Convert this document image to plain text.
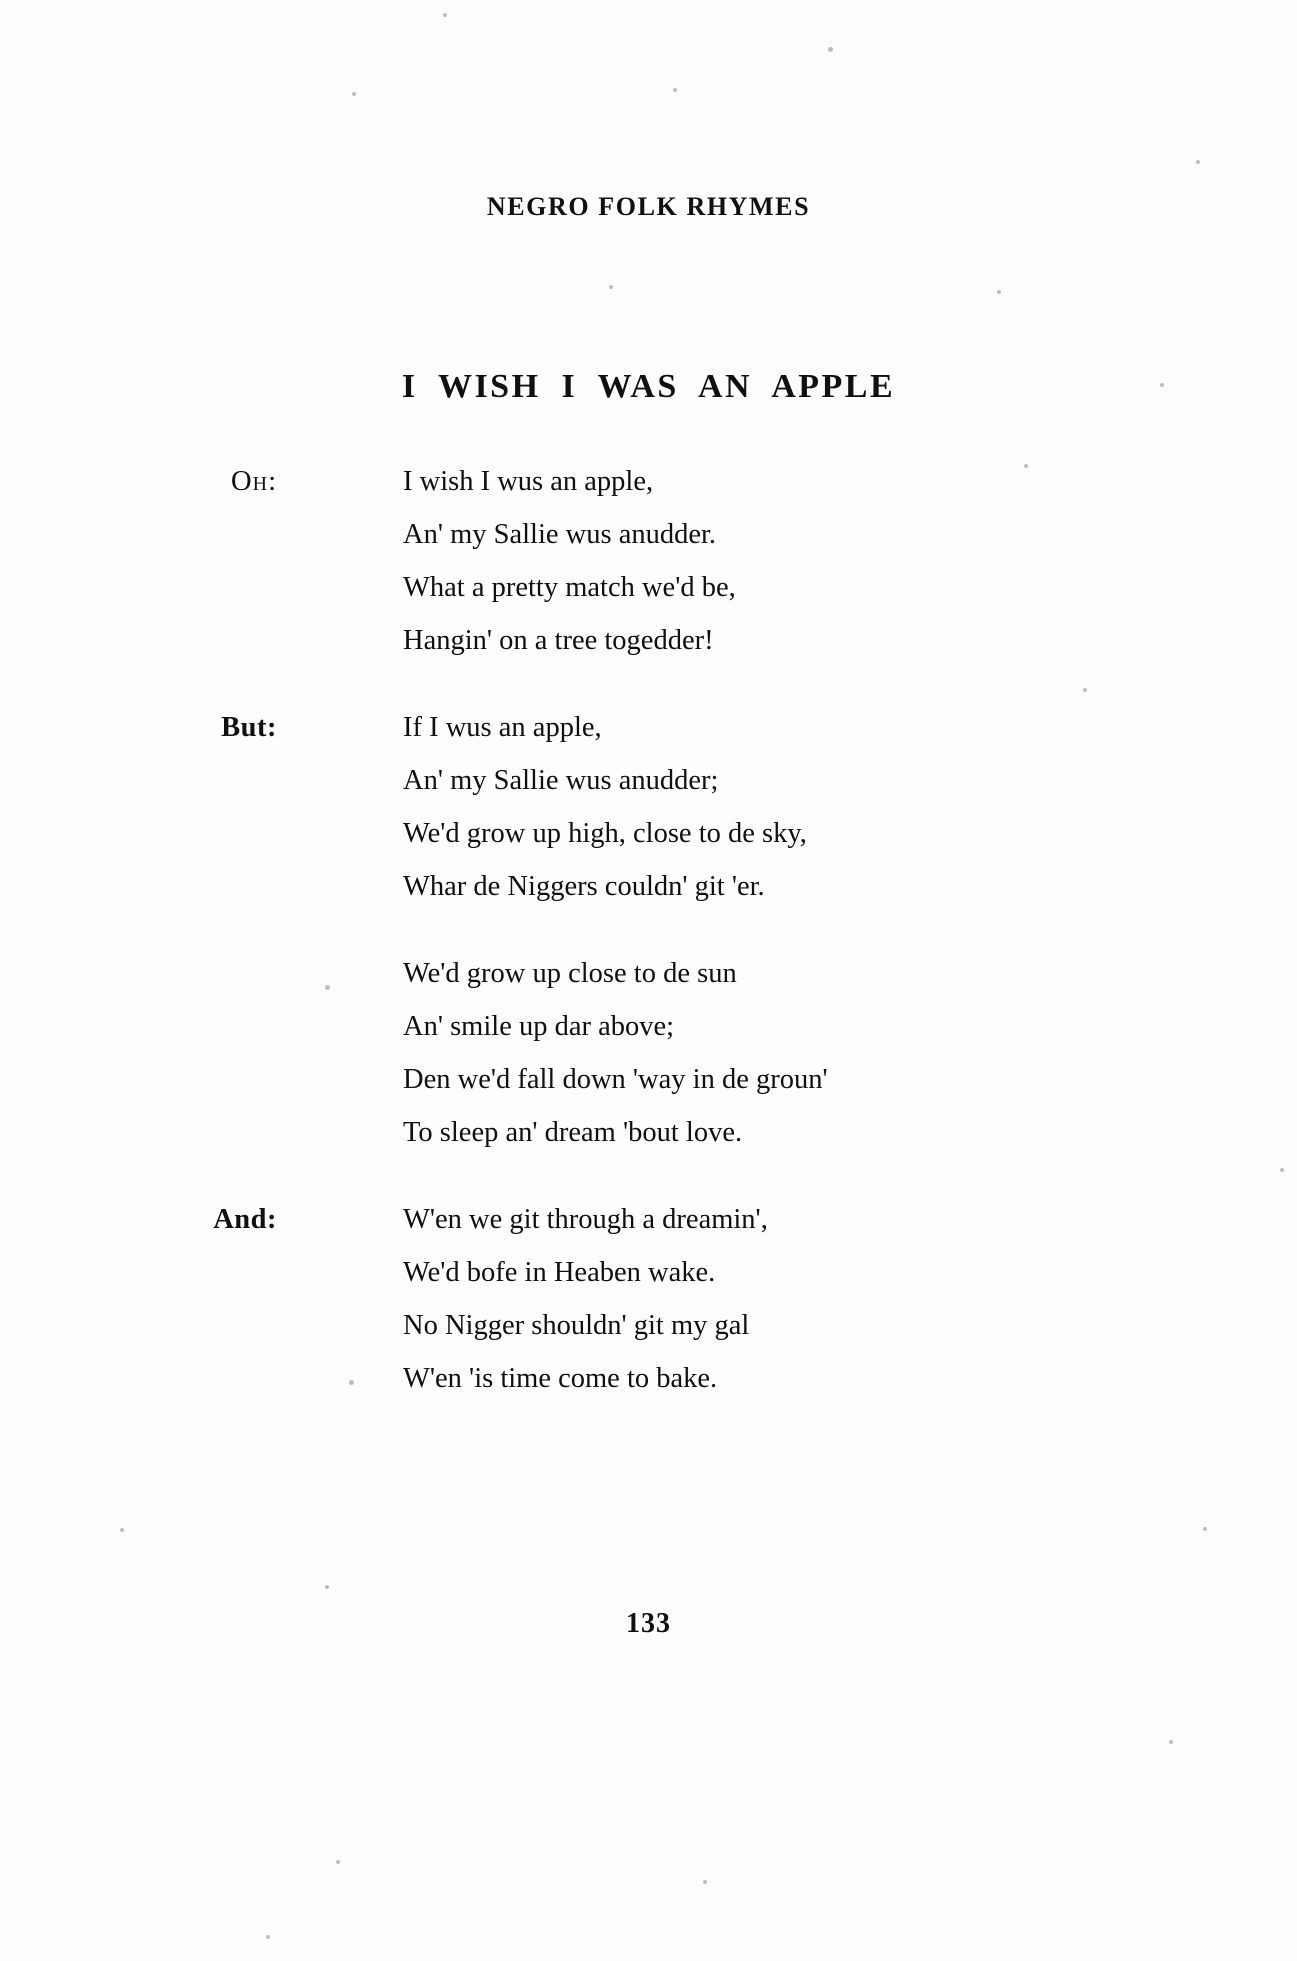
NEGRO FOLK RHYMES
I WISH I WAS AN APPLE
Oh:	I wish I wus an apple,
An' my Sallie wus anudder.
What a pretty match we'd be,
Hangin' on a tree togedder!
But:	If I wus an apple,
An' my Sallie wus anudder;
We'd grow up high, close to de sky,
Whar de Niggers couldn' git 'er.
We'd grow up close to de sun
An' smile up dar above;
Den we'd fall down 'way in de groun'
To sleep an' dream 'bout love.
And:	W'en we git through a dreamin',
We'd bofe in Heaben wake.
No Nigger shouldn' git my gal
W'en 'is time come to bake.
133
